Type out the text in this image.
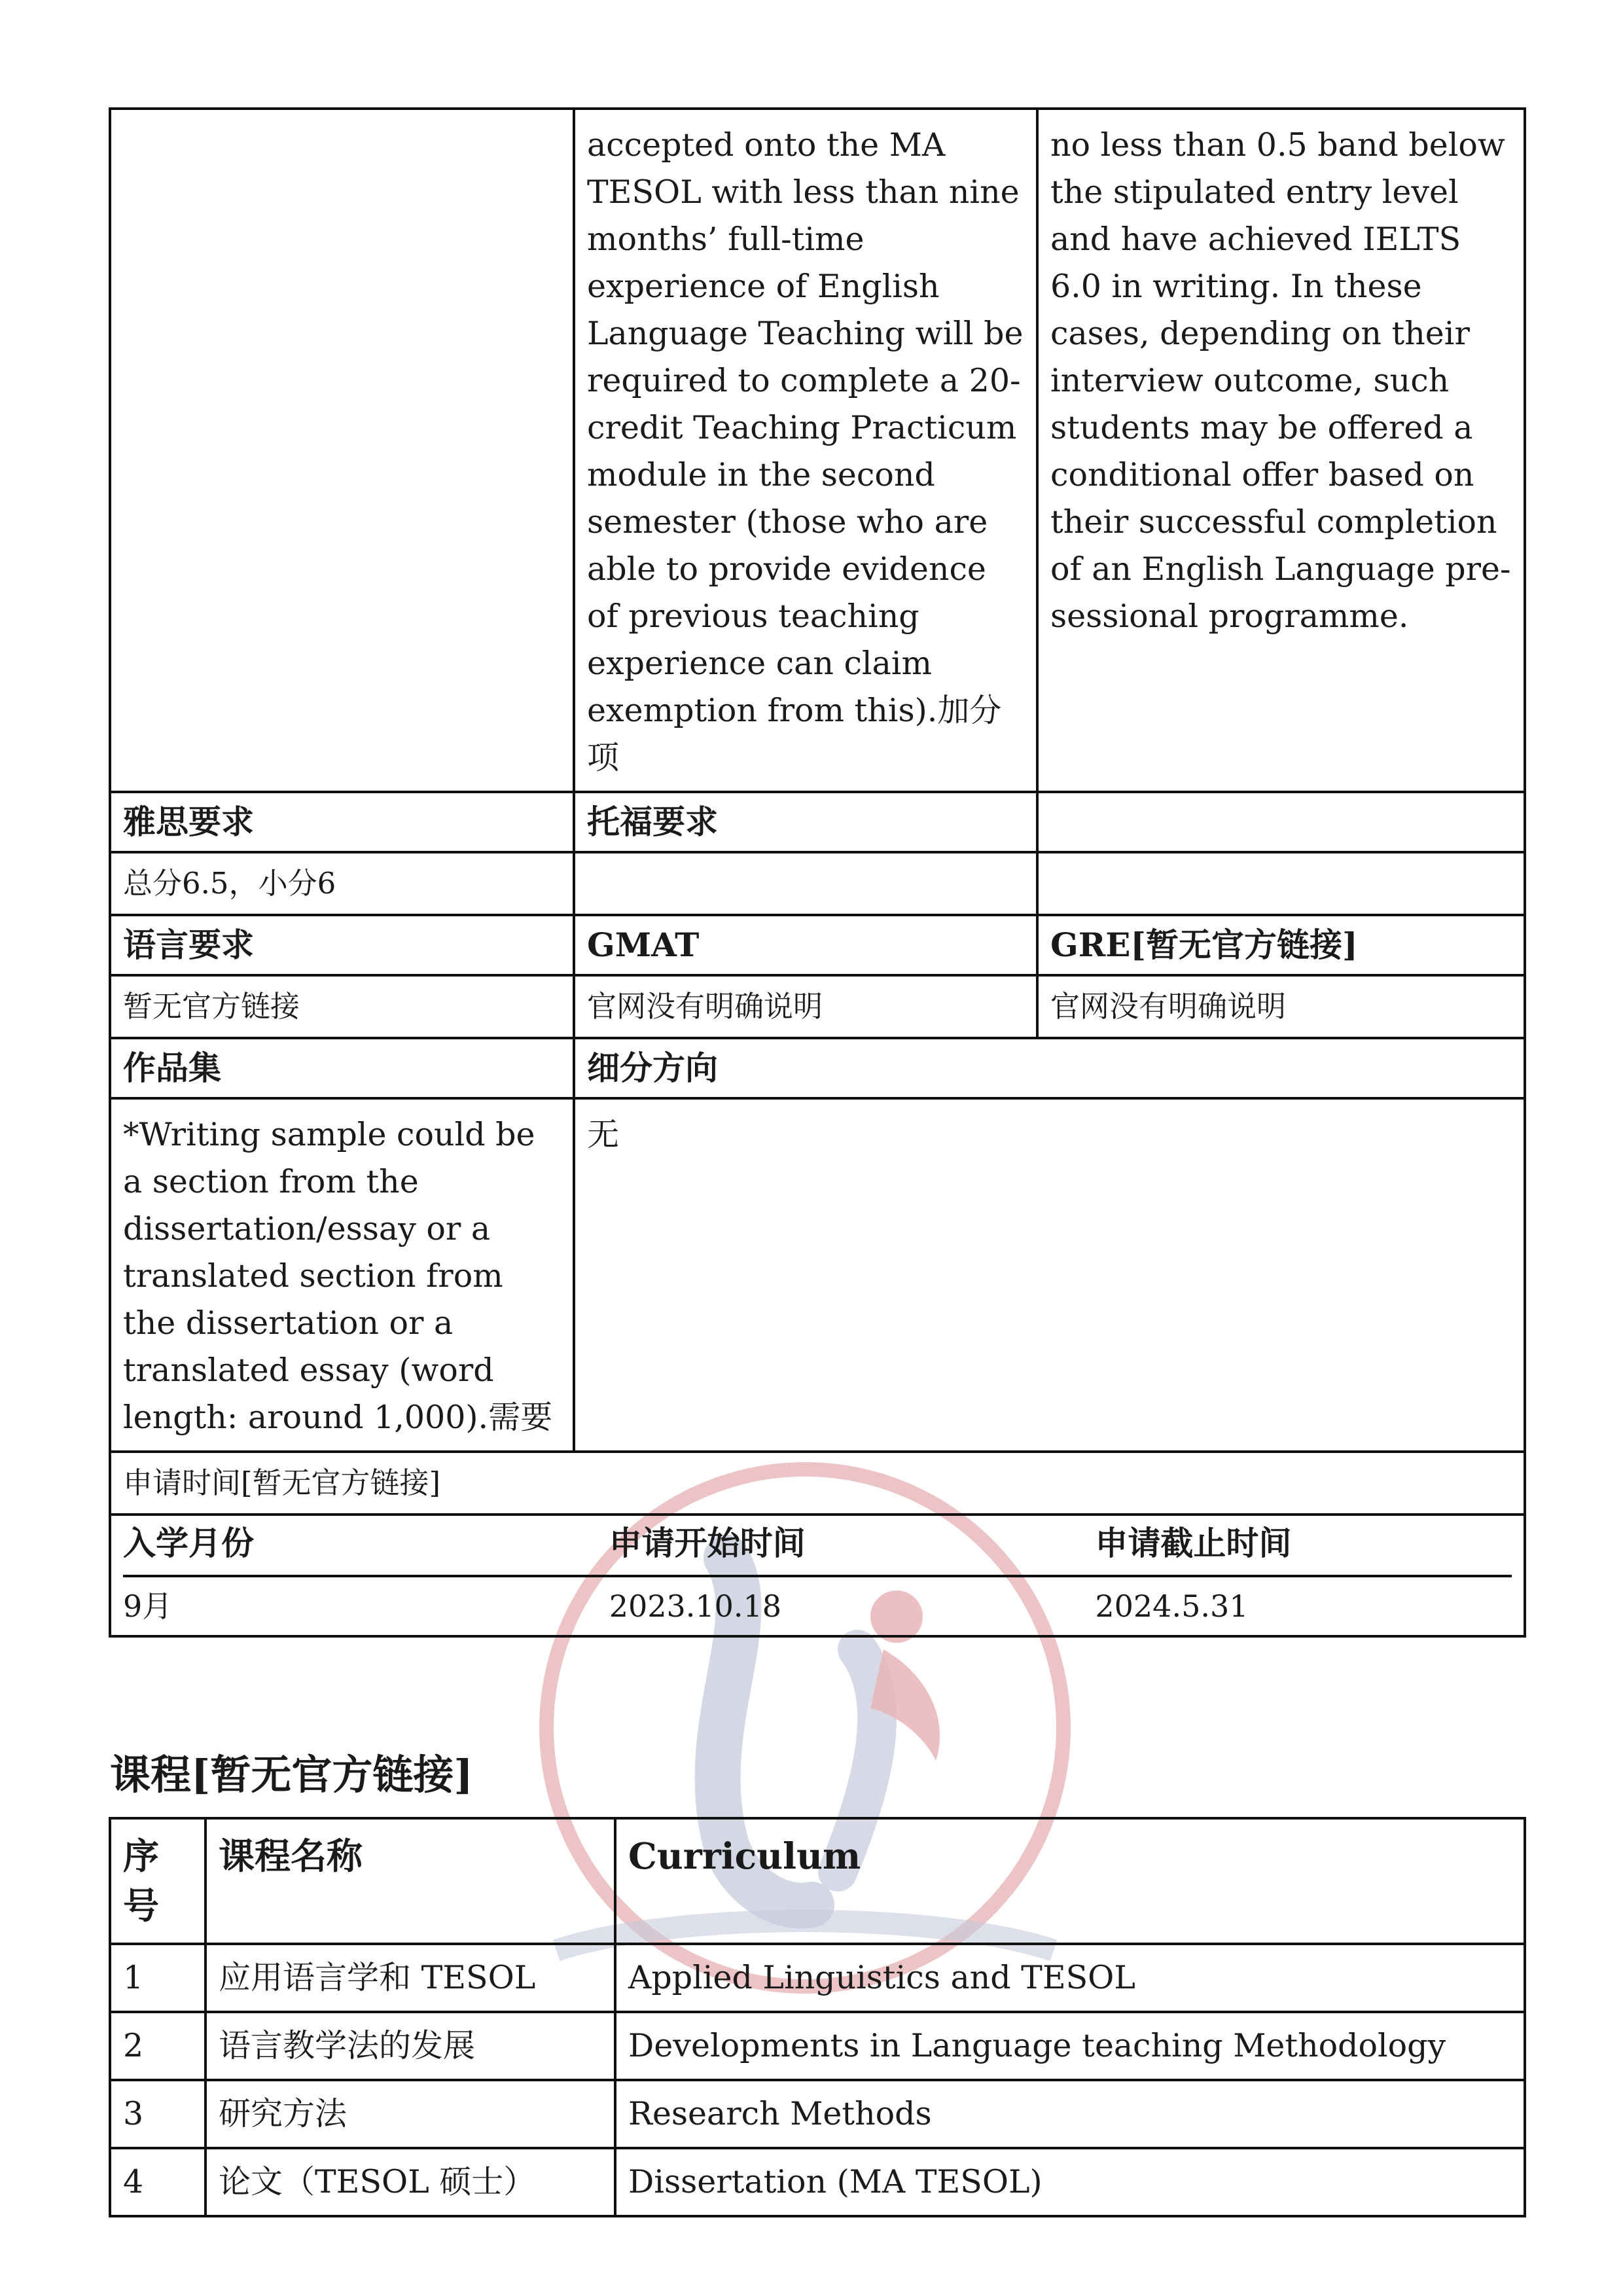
	accepted onto the MA TESOL with less than nine months’ full-time experience of English Language Teaching will be required to complete a 20-credit Teaching Practicum module in the second semester (those who are able to provide evidence of previous teaching experience can claim exemption from this).加分项	no less than 0.5 band below the stipulated entry level and have achieved IELTS 6.0 in writing. In these cases, depending on their interview outcome, such students may be offered a conditional offer based on their successful completion of an English Language pre-sessional programme.
雅思要求	托福要求	
总分6.5，小分6		
语言要求	GMAT	GRE[暂无官方链接]
暂无官方链接	官网没有明确说明	官网没有明确说明
作品集	细分方向
*Writing sample could be a section from the dissertation/essay or a translated section from the dissertation or a translated essay (word length: around 1,000).需要	无
申请时间[暂无官方链接]

入学月份	申请开始时间	申请截止时间
9月	2023.10.18	2024.5.31
课程[暂无官方链接]
序号	课程名称	Curriculum
1	应用语言学和 TESOL	Applied Linguistics and TESOL
2	语言教学法的发展	Developments in Language teaching Methodology
3	研究方法	Research Methods
4	论文（TESOL 硕士）	Dissertation (MA TESOL)
